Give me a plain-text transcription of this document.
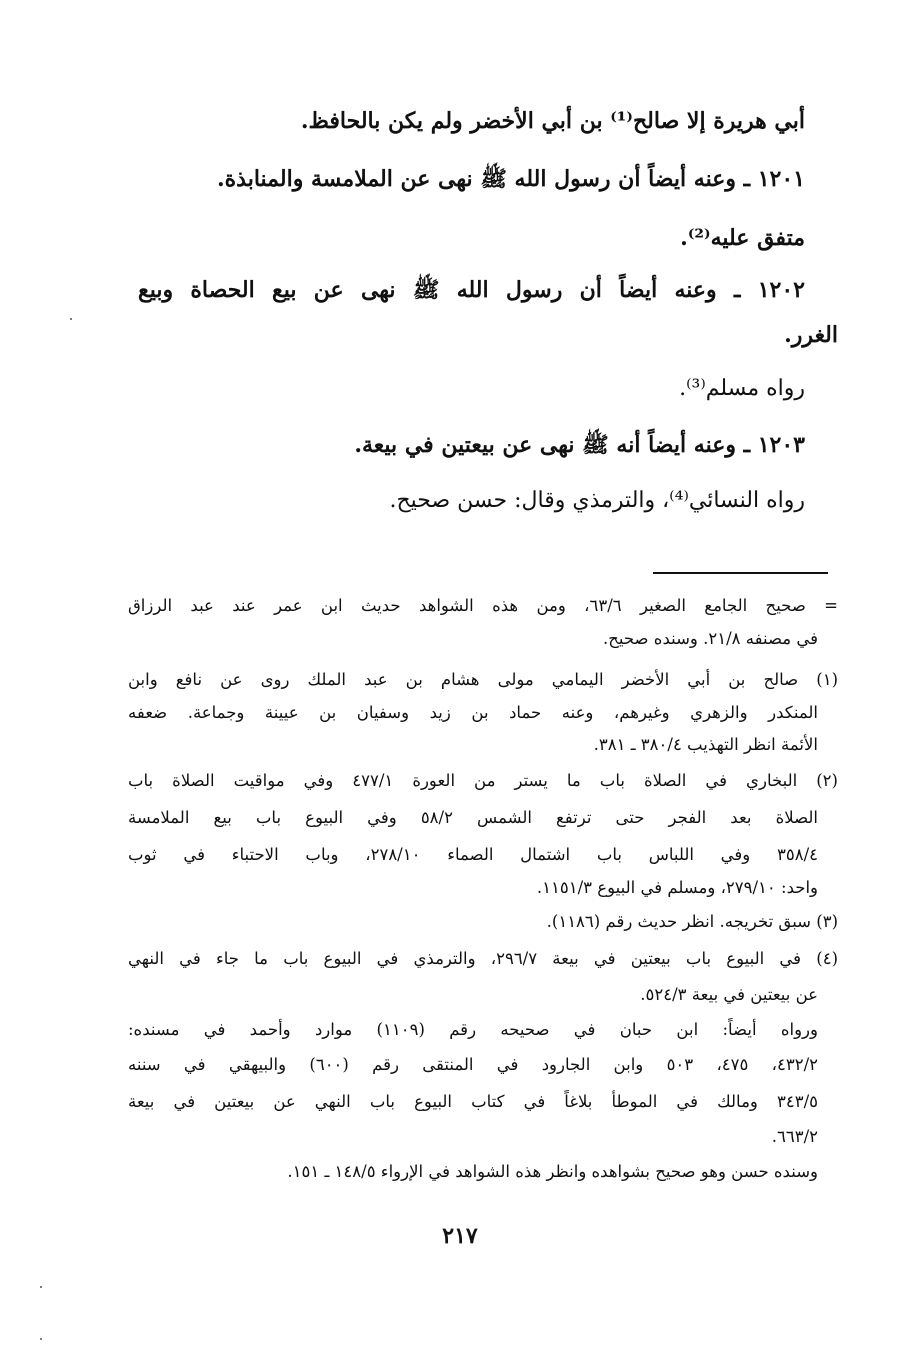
أبي هريرة إلا صالح⁽¹⁾ بن أبي الأخضر ولم يكن بالحافظ.
١٢٠١ ـ وعنه أيضاً أن رسول الله ﷺ نهى عن الملامسة والمنابذة.
متفق عليه⁽²⁾.
١٢٠٢ ـ وعنه أيضاً أن رسول الله ﷺ نهى عن بيع الحصاة وبيع
الغرر.
رواه مسلم⁽³⁾.
١٢٠٣ ـ وعنه أيضاً أنه ﷺ نهى عن بيعتين في بيعة.
رواه النسائي⁽⁴⁾، والترمذي وقال: حسن صحيح.
= صحيح الجامع الصغير ٦٣/٦، ومن هذه الشواهد حديث ابن عمر عند عبد الرزاق
في مصنفه ٢١/٨. وسنده صحيح.
(١) صالح بن أبي الأخضر اليمامي مولى هشام بن عبد الملك روى عن نافع وابن
المنكدر والزهري وغيرهم، وعنه حماد بن زيد وسفيان بن عيينة وجماعة. ضعفه
الأئمة انظر التهذيب ٣٨٠/٤ ـ ٣٨١.
(٢) البخاري في الصلاة باب ما يستر من العورة ٤٧٧/١ وفي مواقيت الصلاة باب
الصلاة بعد الفجر حتى ترتفع الشمس ٥٨/٢ وفي البيوع باب بيع الملامسة
٣٥٨/٤ وفي اللباس باب اشتمال الصماء ٢٧٨/١٠، وباب الاحتباء في ثوب
واحد: ٢٧٩/١٠، ومسلم في البيوع ١١٥١/٣.
(٣) سبق تخريجه. انظر حديث رقم (١١٨٦).
(٤) في البيوع باب بيعتين في بيعة ٢٩٦/٧، والترمذي في البيوع باب ما جاء في النهي
عن بيعتين في بيعة ٥٢٤/٣.
ورواه أيضاً: ابن حبان في صحيحه رقم (١١٠٩) موارد وأحمد في مسنده:
٤٣٢/٢، ٤٧٥، ٥٠٣ وابن الجارود في المنتقى رقم (٦٠٠) والبيهقي في سننه
٣٤٣/٥ ومالك في الموطأ بلاغاً في كتاب البيوع باب النهي عن بيعتين في بيعة
٦٦٣/٢.
وسنده حسن وهو صحيح بشواهده وانظر هذه الشواهد في الإرواء ١٤٨/٥ ـ ١٥١.
٢١٧
